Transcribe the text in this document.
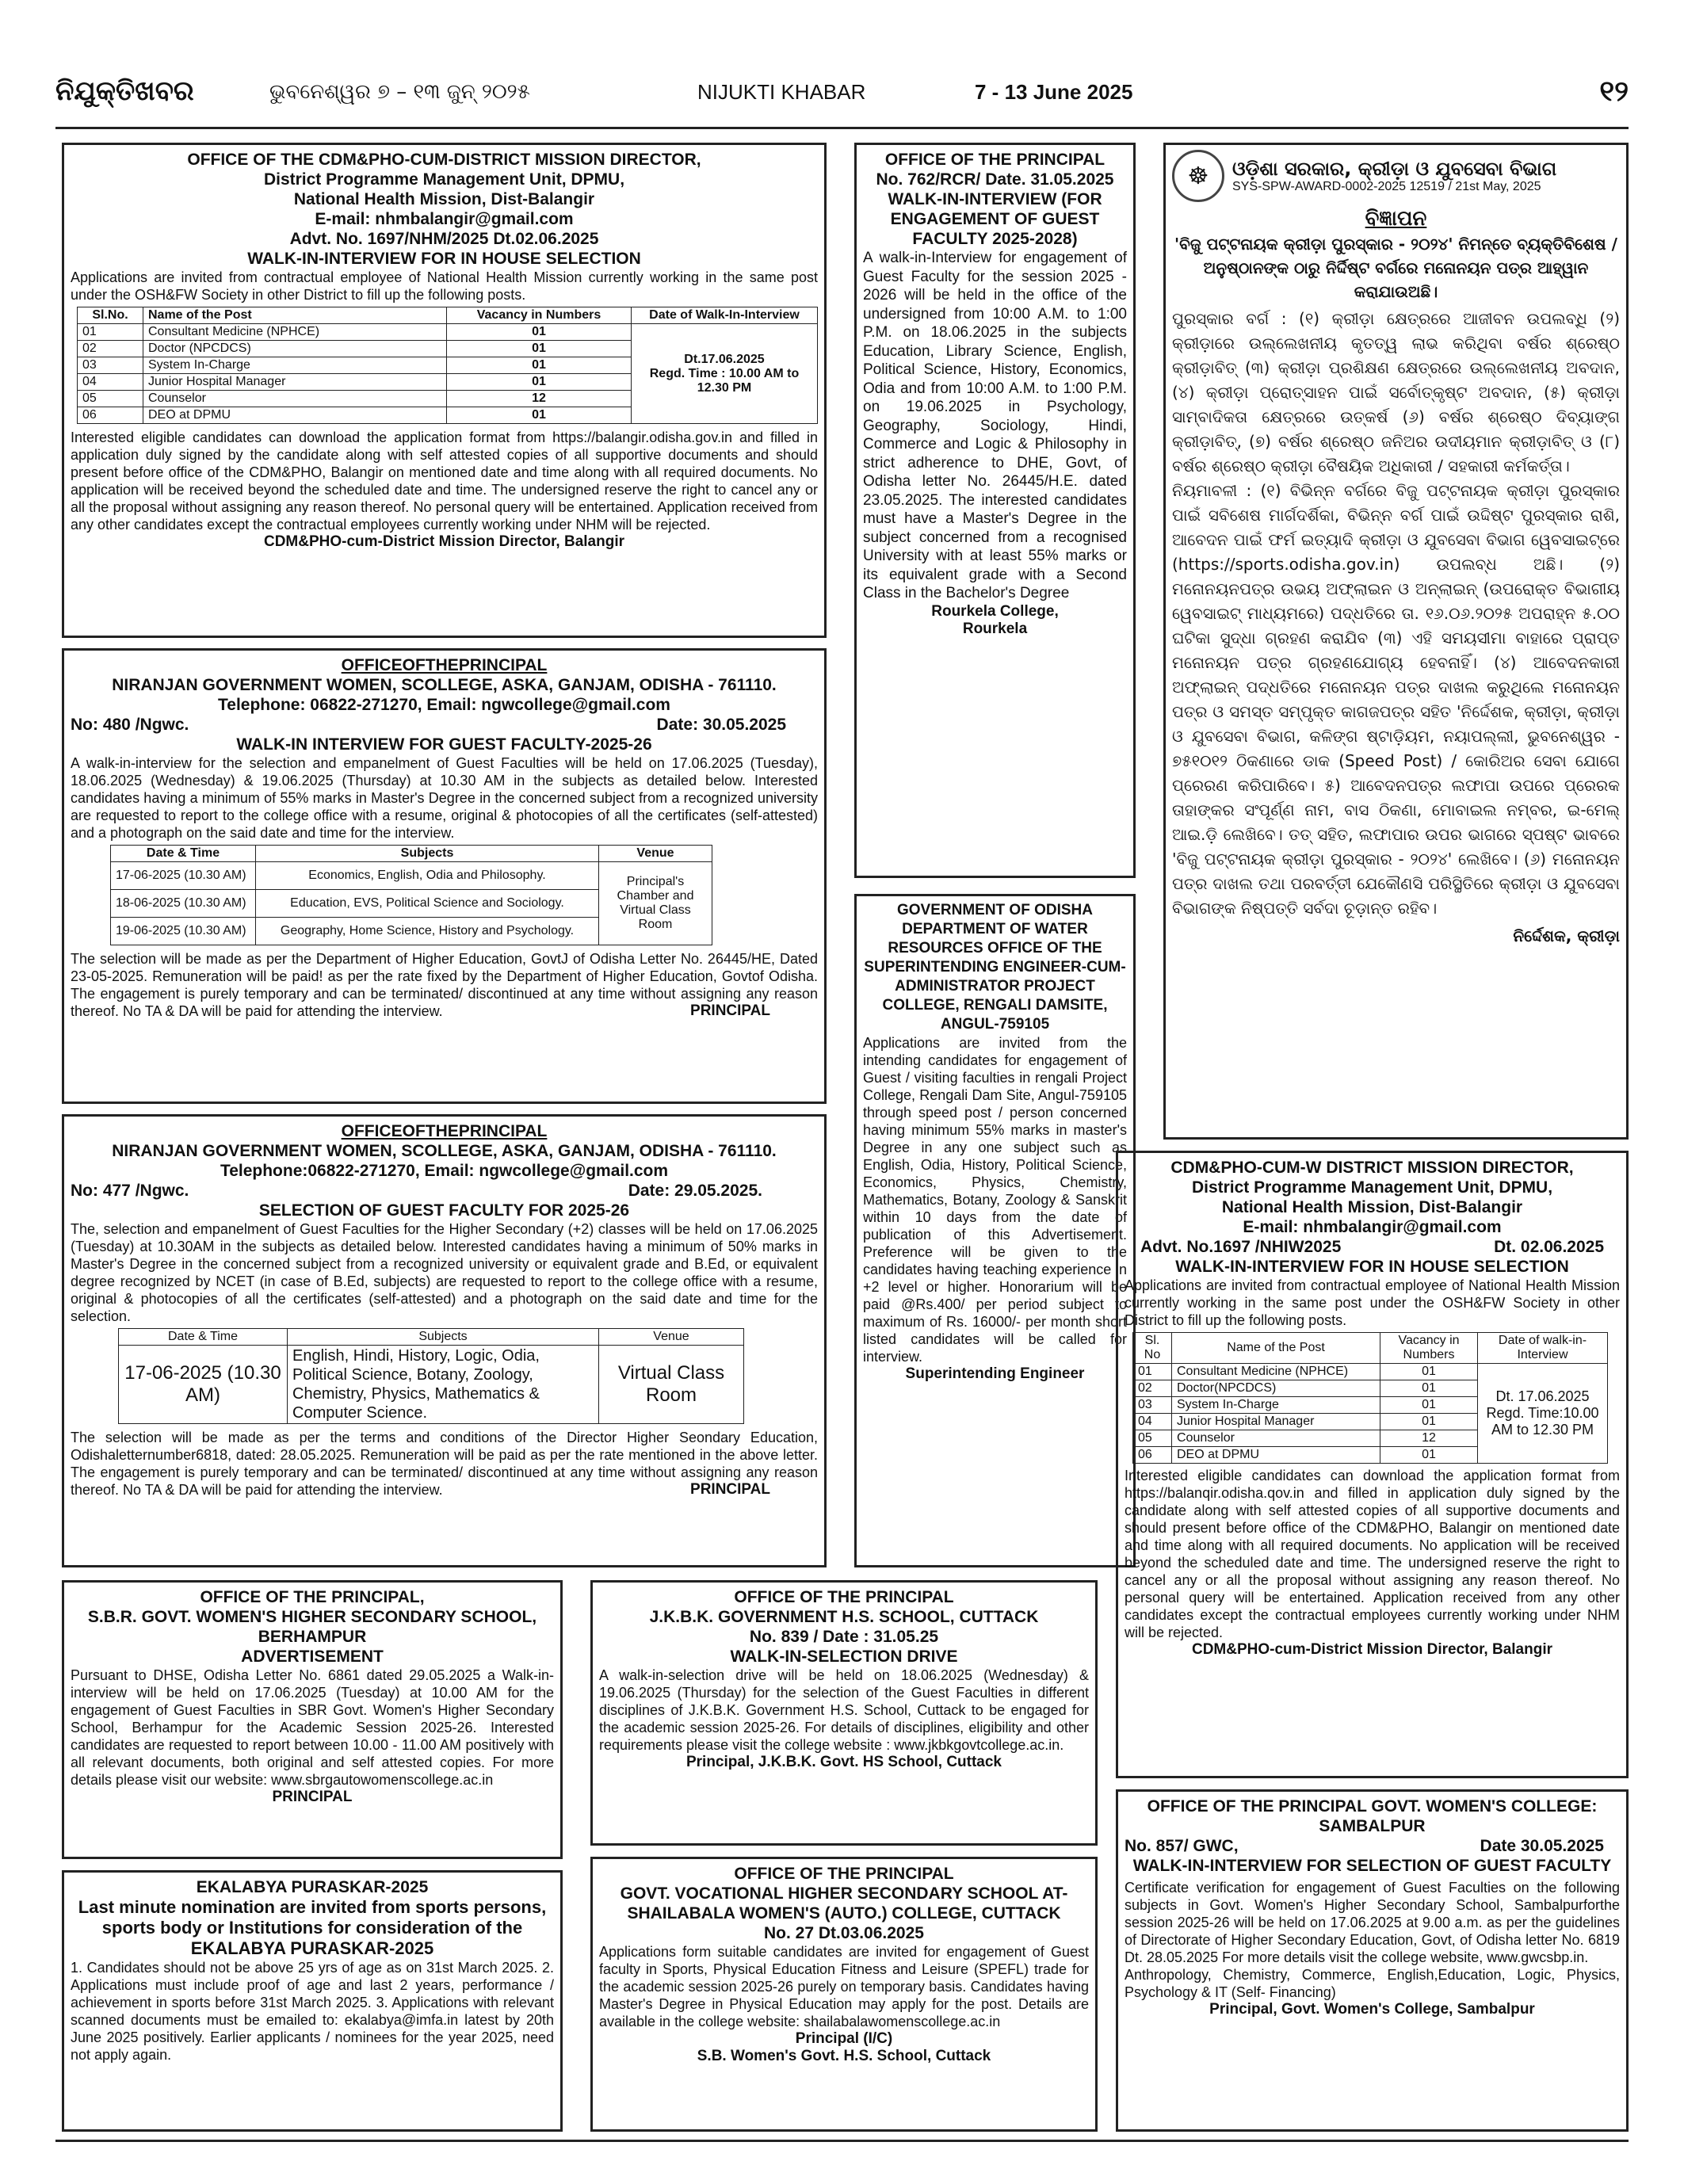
ନିଯୁକ୍ତିଖବର	ଭୁବନେଶ୍ୱର ୭ – ୧୩ ଜୁନ୍ ୨୦୨୫	NIJUKTI KHABAR	7 - 13 June 2025	୧୨
OFFICE OF THE CDM&PHO-CUM-DISTRICT MISSION DIRECTOR,
District Programme Management Unit, DPMU,
National Health Mission, Dist-Balangir
E-mail: nhmbalangir@gmail.com
Advt. No. 1697/NHM/2025 Dt.02.06.2025
WALK-IN-INTERVIEW FOR IN HOUSE SELECTION
Applications are invited from contractual employee of National Health Mission currently working in the same post under the OSH&FW Society in other District to fill up the following posts.
Sl.No.	Name of the Post	Vacancy in Numbers	Date of Walk-In-Interview
01	Consultant Medicine (NPHCE)	01	Dt.17.06.2025
Regd. Time : 10.00 AM to 12.30 PM

02	Doctor (NPCDCS)	01	
03	System In-Charge	01	
04	Junior Hospital Manager	01	
05	Counselor	12	
06	DEO at DPMU	01	
Interested eligible candidates can download the application format from https://balangir.odisha.gov.in and filled in application duly signed by the candidate along with self attested copies of all supportive documents and should present before office of the CDM&PHO, Balangir on mentioned date and time along with all required documents. No application will be received beyond the scheduled date and time. The undersigned reserve the right to cancel any or all the proposal without assigning any reason thereof. No personal query will be entertained. Application received from any other candidates except the contractual employees currently working under NHM will be rejected.
CDM&PHO-cum-District Mission Director, Balangir
OFFICEOFTHEPRINCIPAL
NIRANJAN GOVERNMENT WOMEN, SCOLLEGE, ASKA, GANJAM, ODISHA - 761110.
Telephone: 06822-271270, Email: ngwcollege@gmail.com
No: 480 /Ngwc.	Date: 30.05.2025
WALK-IN INTERVIEW FOR GUEST FACULTY-2025-26
A walk-in-interview for the selection and empanelment of Guest Faculties will be held on 17.06.2025 (Tuesday), 18.06.2025 (Wednesday) & 19.06.2025 (Thursday) at 10.30 AM in the subjects as detailed below. Interested candidates having a minimum of 55% marks in Master's Degree in the concerned subject from a recognized university are requested to report to the college office with a resume, original & photocopies of all the certificates (self-attested) and a photograph on the said date and time for the interview.
Date & Time	Subjects	Venue
17-06-2025 (10.30 AM)	Economics, English, Odia and Philosophy.	Principal's Chamber and Virtual Class Room
18-06-2025 (10.30 AM)	Education, EVS, Political Science and Sociology.	
19-06-2025 (10.30 AM)	Geography, Home Science, History and Psychology.	
The selection will be made as per the Department of Higher Education, GovtJ of Odisha Letter No. 26445/HE, Dated 23-05-2025. Remuneration will be paid! as per the rate fixed by the Department of Higher Education, Govtof Odisha. The engagement is purely temporary and can be terminated/ discontinued at any time without assigning any reason thereof. No TA & DA will be paid for attending the interview.	PRINCIPAL
OFFICEOFTHEPRINCIPAL
NIRANJAN GOVERNMENT WOMEN, SCOLLEGE, ASKA, GANJAM, ODISHA - 761110.
Telephone:06822-271270, Email: ngwcollege@gmail.com
No: 477 /Ngwc.	Date: 29.05.2025.
SELECTION OF GUEST FACULTY FOR 2025-26
The, selection and empanelment of Guest Faculties for the Higher Secondary (+2) classes will be held on 17.06.2025 (Tuesday) at 10.30AM in the subjects as detailed below. Interested candidates having a minimum of 50% marks in Master's Degree in the concerned subject from a recognized university or equivalent grade and B.Ed, or equivalent degree recognized by NCET (in case of B.Ed, subjects) are requested to report to the college office with a resume, original & photocopies of all the certificates (self-attested) and a photograph on the said date and time for the selection.
Date & Time	Subjects	Venue
17-06-2025 (10.30 AM)	English, Hindi, History, Logic, Odia, Political Science, Botany, Zoology, Chemistry, Physics, Mathematics & Computer Science.	Virtual Class Room
The selection will be made as per the terms and conditions of the Director Higher Seondary Education, Odishaletternumber6818, dated: 28.05.2025. Remuneration will be paid as per the rate mentioned in the above letter. The engagement is purely temporary and can be terminated/ discontinued at any time without assigning any reason thereof. No TA & DA will be paid for attending the interview.	PRINCIPAL
OFFICE OF THE PRINCIPAL
No. 762/RCR/ Date. 31.05.2025
WALK-IN-INTERVIEW (FOR ENGAGEMENT OF GUEST FACULTY 2025-2028)
A walk-in-Interview for engagement of Guest Faculty for the session 2025 - 2026 will be held in the office of the undersigned from 10:00 A.M. to 1:00 P.M. on 18.06.2025 in the subjects Education, Library Science, English, Political Science, History, Economics, Odia and from 10:00 A.M. to 1:00 P.M. on 19.06.2025 in Psychology, Geography, Sociology, Hindi, Commerce and Logic & Philosophy in strict adherence to DHE, Govt, of Odisha letter No. 26445/H.E. dated 23.05.2025. The interested candidates must have a Master's Degree in the subject concerned from a recognised University with at least 55% marks or its equivalent grade with a Second Class in the Bachelor's Degree
Rourkela College,
Rourkela
GOVERNMENT OF ODISHA DEPARTMENT OF WATER RESOURCES OFFICE OF THE SUPERINTENDING ENGINEER-CUM-ADMINISTRATOR PROJECT COLLEGE, RENGALI DAMSITE, ANGUL-759105
Applications are invited from the intending candidates for engagement of Guest / visiting faculties in rengali Project College, Rengali Dam Site, Angul-759105 through speed post / person concerned having minimum 55% marks in master's Degree in any one subject such as English, Odia, History, Political Science, Economics, Physics, Chemistry, Mathematics, Botany, Zoology & Sanskrit within 10 days from the date of publication of this Advertisement. Preference will be given to the candidates having teaching experience in +2 level or higher. Honorarium will be paid @Rs.400/ per period subject to maximum of Rs. 16000/- per month short listed candidates will be called for interview.
Superintending Engineer
☸	ଓଡ଼ିଶା ସରକାର, କ୍ରୀଡ଼ା ଓ ଯୁବସେବା ବିଭାଗ
SYS-SPW-AWARD-0002-2025 12519 / 21st May, 2025
ବିଜ୍ଞାପନ
'ବିଜୁ ପଟ୍ଟନାୟକ କ୍ରୀଡ଼ା ପୁରସ୍କାର - ୨୦୨୪' ନିମନ୍ତେ ବ୍ୟକ୍ତିବିଶେଷ / ଅନୁଷ୍ଠାନଙ୍କ ଠାରୁ ନିର୍ଦ୍ଦିଷ୍ଟ ବର୍ଗରେ ମନୋନୟନ ପତ୍ର ଆହ୍ୱାନ କରାଯାଉଅଛି।
ପୁରସ୍କାର ବର୍ଗ : (୧) କ୍ରୀଡ଼ା କ୍ଷେତ୍ରରେ ଆଜୀବନ ଉପଲବ୍ଧି (୨) କ୍ରୀଡ଼ାରେ ଉଲ୍ଲେଖନୀୟ କୃତତ୍ୱ ଲାଭ କରିଥିବା ବର୍ଷର ଶ୍ରେଷ୍ଠ କ୍ରୀଡ଼ାବିତ୍ (୩) କ୍ରୀଡ଼ା ପ୍ରଶିକ୍ଷଣ କ୍ଷେତ୍ରରେ ଉଲ୍ଲେଖନୀୟ ଅବଦାନ, (୪) କ୍ରୀଡ଼ା ପ୍ରୋତ୍ସାହନ ପାଇଁ ସର୍ବୋତ୍କୃଷ୍ଟ ଅବଦାନ, (୫) କ୍ରୀଡ଼ା ସାମ୍ବାଦିକତା କ୍ଷେତ୍ରରେ ଉତ୍କର୍ଷ (୬) ବର୍ଷର ଶ୍ରେଷ୍ଠ ଦିବ୍ୟାଙ୍ଗ କ୍ରୀଡ଼ାବିତ୍, (୭) ବର୍ଷର ଶ୍ରେଷ୍ଠ ଜନିଅର ଉଦୀୟମାନ କ୍ରୀଡ଼ାବିତ୍ ଓ (୮) ବର୍ଷର ଶ୍ରେଷ୍ଠ କ୍ରୀଡ଼ା ବୈଷୟିକ ଅଧିକାରୀ / ସହକାରୀ କର୍ମକର୍ତ୍ତା।
ନିୟମାବଳୀ : (୧) ବିଭିନ୍ନ ବର୍ଗରେ ବିଜୁ ପଟ୍ଟନାୟକ କ୍ରୀଡ଼ା ପୁରସ୍କାର ପାଇଁ ସବିଶେଷ ମାର୍ଗଦର୍ଶିକା, ବିଭିନ୍ନ ବର୍ଗ ପାଇଁ ଉଦ୍ଦିଷ୍ଟ ପୁରସ୍କାର ରାଶି, ଆବେଦନ ପାଇଁ ଫର୍ମ ଇତ୍ୟାଦି କ୍ରୀଡ଼ା ଓ ଯୁବସେବା ବିଭାଗ ୱେବସାଇଟ୍‌ରେ (https://sports.odisha.gov.in) ଉପଲବ୍ଧ ଅଛି। (୨) ମନୋନୟନପତ୍ର ଉଭୟ ଅଫ୍‌ଲାଇନ ଓ ଅନ୍‌ଲାଇନ୍ (ଉପରୋକ୍ତ ବିଭାଗୀୟ ୱେବସାଇଟ୍ ମାଧ୍ୟମରେ) ପଦ୍ଧତିରେ ତା. ୧୬.୦୬.୨୦୨୫ ଅପରାହ୍ନ ୫.୦୦ ଘଟିକା ସୁଦ୍ଧା ଗ୍ରହଣ କରାଯିବ (୩) ଏହି ସମୟସୀମା ବାହାରେ ପ୍ରାପ୍ତ ମନୋନୟନ ପତ୍ର ଗ୍ରହଣଯୋଗ୍ୟ ହେବନାହିଁ। (୪) ଆବେଦନକାରୀ ଅଫ୍‌ଲାଇନ୍ ପଦ୍ଧତିରେ ମନୋନୟନ ପତ୍ର ଦାଖଲ କରୁଥିଲେ ମନୋନୟନ ପତ୍ର ଓ ସମସ୍ତ ସମ୍ପୃକ୍ତ କାଗଜପତ୍ର ସହିତ 'ନିର୍ଦ୍ଦେଶକ, କ୍ରୀଡ଼ା, କ୍ରୀଡ଼ା ଓ ଯୁବସେବା ବିଭାଗ, କଳିଙ୍ଗ ଷ୍ଟାଡ଼ିୟମ, ନୟାପଲ୍ଲୀ, ଭୁବନେଶ୍ୱର - ୭୫୧୦୧୨ ଠିକଣାରେ ଡାକ (Speed Post) / କୋରିଅର ସେବା ଯୋଗେ ପ୍ରେରଣ କରିପାରିବେ। ୫) ଆବେଦନପତ୍ର ଲଫାପା ଉପରେ ପ୍ରେରକ ତାହାଙ୍କର ସଂପୂର୍ଣ୍ଣ ନାମ, ବାସ ଠିକଣା, ମୋବାଇଲ ନମ୍ବର, ଇ-ମେଲ୍ ଆଇ.ଡ଼ି ଲେଖିବେ। ତତ୍ ସହିତ, ଲଫାପାର ଉପର ଭାଗରେ ସ୍ପଷ୍ଟ ଭାବରେ 'ବିଜୁ ପଟ୍ଟନାୟକ କ୍ରୀଡ଼ା ପୁରସ୍କାର - ୨୦୨୪' ଲେଖିବେ। (୬) ମନୋନୟନ ପତ୍ର ଦାଖଲ ତଥା ପରବର୍ତ୍ତୀ ଯେକୌଣସି ପରିସ୍ଥିତିରେ କ୍ରୀଡ଼ା ଓ ଯୁବସେବା ବିଭାଗଙ୍କ ନିଷ୍ପତ୍ତି ସର୍ବଦା ଚୂଡ଼ାନ୍ତ ରହିବ।
ନିର୍ଦ୍ଦେଶକ, କ୍ରୀଡ଼ା
CDM&PHO-CUM-W DISTRICT MISSION DIRECTOR,
District Programme Management Unit, DPMU,
National Health Mission, Dist-Balangir
E-mail: nhmbalangir@gmail.com
Advt. No.1697 /NHIW2025	Dt. 02.06.2025
WALK-IN-INTERVIEW FOR IN HOUSE SELECTION
Applications are invited from contractual employee of National Health Mission currently working in the same post under the OSH&FW Society in other District to fill up the following posts.
Sl. No	Name of the Post	Vacancy in Numbers	Date of walk-in-Interview
01	Consultant Medicine (NPHCE)	01	Dt. 17.06.2025 Regd. Time:10.00 AM to 12.30 PM
02	Doctor(NPCDCS)	01	
03	System In-Charge	01	
04	Junior Hospital Manager	01	
05	Counselor	12	
06	DEO at DPMU	01	
Interested eligible candidates can download the application format from https://balanqir.odisha.qov.in and filled in application duly signed by the candidate along with self attested copies of all supportive documents and should present before office of the CDM&PHO, Balangir on mentioned date and time along with all required documents. No application will be received beyond the scheduled date and time. The undersigned reserve the right to cancel any or all the proposal without assigning any reason thereof. No personal query will be entertained. Application received from any other candidates except the contractual employees currently working under NHM will be rejected.
CDM&PHO-cum-District Mission Director, Balangir
OFFICE OF THE PRINCIPAL GOVT. WOMEN'S COLLEGE: SAMBALPUR
No. 857/ GWC,	Date 30.05.2025
WALK-IN-INTERVIEW FOR SELECTION OF GUEST FACULTY
Certificate verification for engagement of Guest Faculties on the following subjects in Govt. Women's Higher Secondary School, Sambalpurforthe session 2025-26 will be held on 17.06.2025 at 9.00 a.m. as per the guidelines of Directorate of Higher Secondary Education, Govt, of Odisha letter No. 6819 Dt. 28.05.2025 For more details visit the college website, www.gwcsbp.in.
Anthropology, Chemistry, Commerce, English,Education, Logic, Physics, Psychology & IT (Self- Financing)
Principal, Govt. Women's College, Sambalpur
OFFICE OF THE PRINCIPAL,
S.B.R. GOVT. WOMEN'S HIGHER SECONDARY SCHOOL, BERHAMPUR
ADVERTISEMENT
Pursuant to DHSE, Odisha Letter No. 6861 dated 29.05.2025 a Walk-in-interview will be held on 17.06.2025 (Tuesday) at 10.00 AM for the engagement of Guest Faculties in SBR Govt. Women's Higher Secondary School, Berhampur for the Academic Session 2025-26. Interested candidates are requested to report between 10.00 - 11.00 AM positively with all relevant documents, both original and self attested copies. For more details please visit our website: www.sbrgautowomenscollege.ac.in
PRINCIPAL
OFFICE OF THE PRINCIPAL
J.K.B.K. GOVERNMENT H.S. SCHOOL, CUTTACK
No. 839 / Date : 31.05.25
WALK-IN-SELECTION DRIVE
A walk-in-selection drive will be held on 18.06.2025 (Wednesday) & 19.06.2025 (Thursday) for the selection of the Guest Faculties in different disciplines of J.K.B.K. Government H.S. School, Cuttack to be engaged for the academic session 2025-26. For details of disciplines, eligibility and other requirements please visit the college website : www.jkbkgovtcollege.ac.in.
Principal, J.K.B.K. Govt. HS School, Cuttack
EKALABYA PURASKAR-2025
Last minute nomination are invited from sports persons, sports body or Institutions for consideration of the EKALABYA PURASKAR-2025
1. Candidates should not be above 25 yrs of age as on 31st March 2025. 2. Applications must include proof of age and last 2 years, performance / achievement in sports before 31st March 2025. 3. Applications with relevant scanned documents must be emailed to: ekalabya@imfa.in latest by 20th June 2025 positively. Earlier applicants / nominees for the year 2025, need not apply again.
OFFICE OF THE PRINCIPAL
GOVT. VOCATIONAL HIGHER SECONDARY SCHOOL AT-SHAILABALA WOMEN'S (AUTO.) COLLEGE, CUTTACK
No. 27 Dt.03.06.2025
Applications form suitable candidates are invited for engagement of Guest faculty in Sports, Physical Education Fitness and Leisure (SPEFL) trade for the academic session 2025-26 purely on temporary basis. Candidates having Master's Degree in Physical Education may apply for the post. Details are available in the college website: shailabalawomenscollege.ac.in
Principal (I/C)
S.B. Women's Govt. H.S. School, Cuttack
